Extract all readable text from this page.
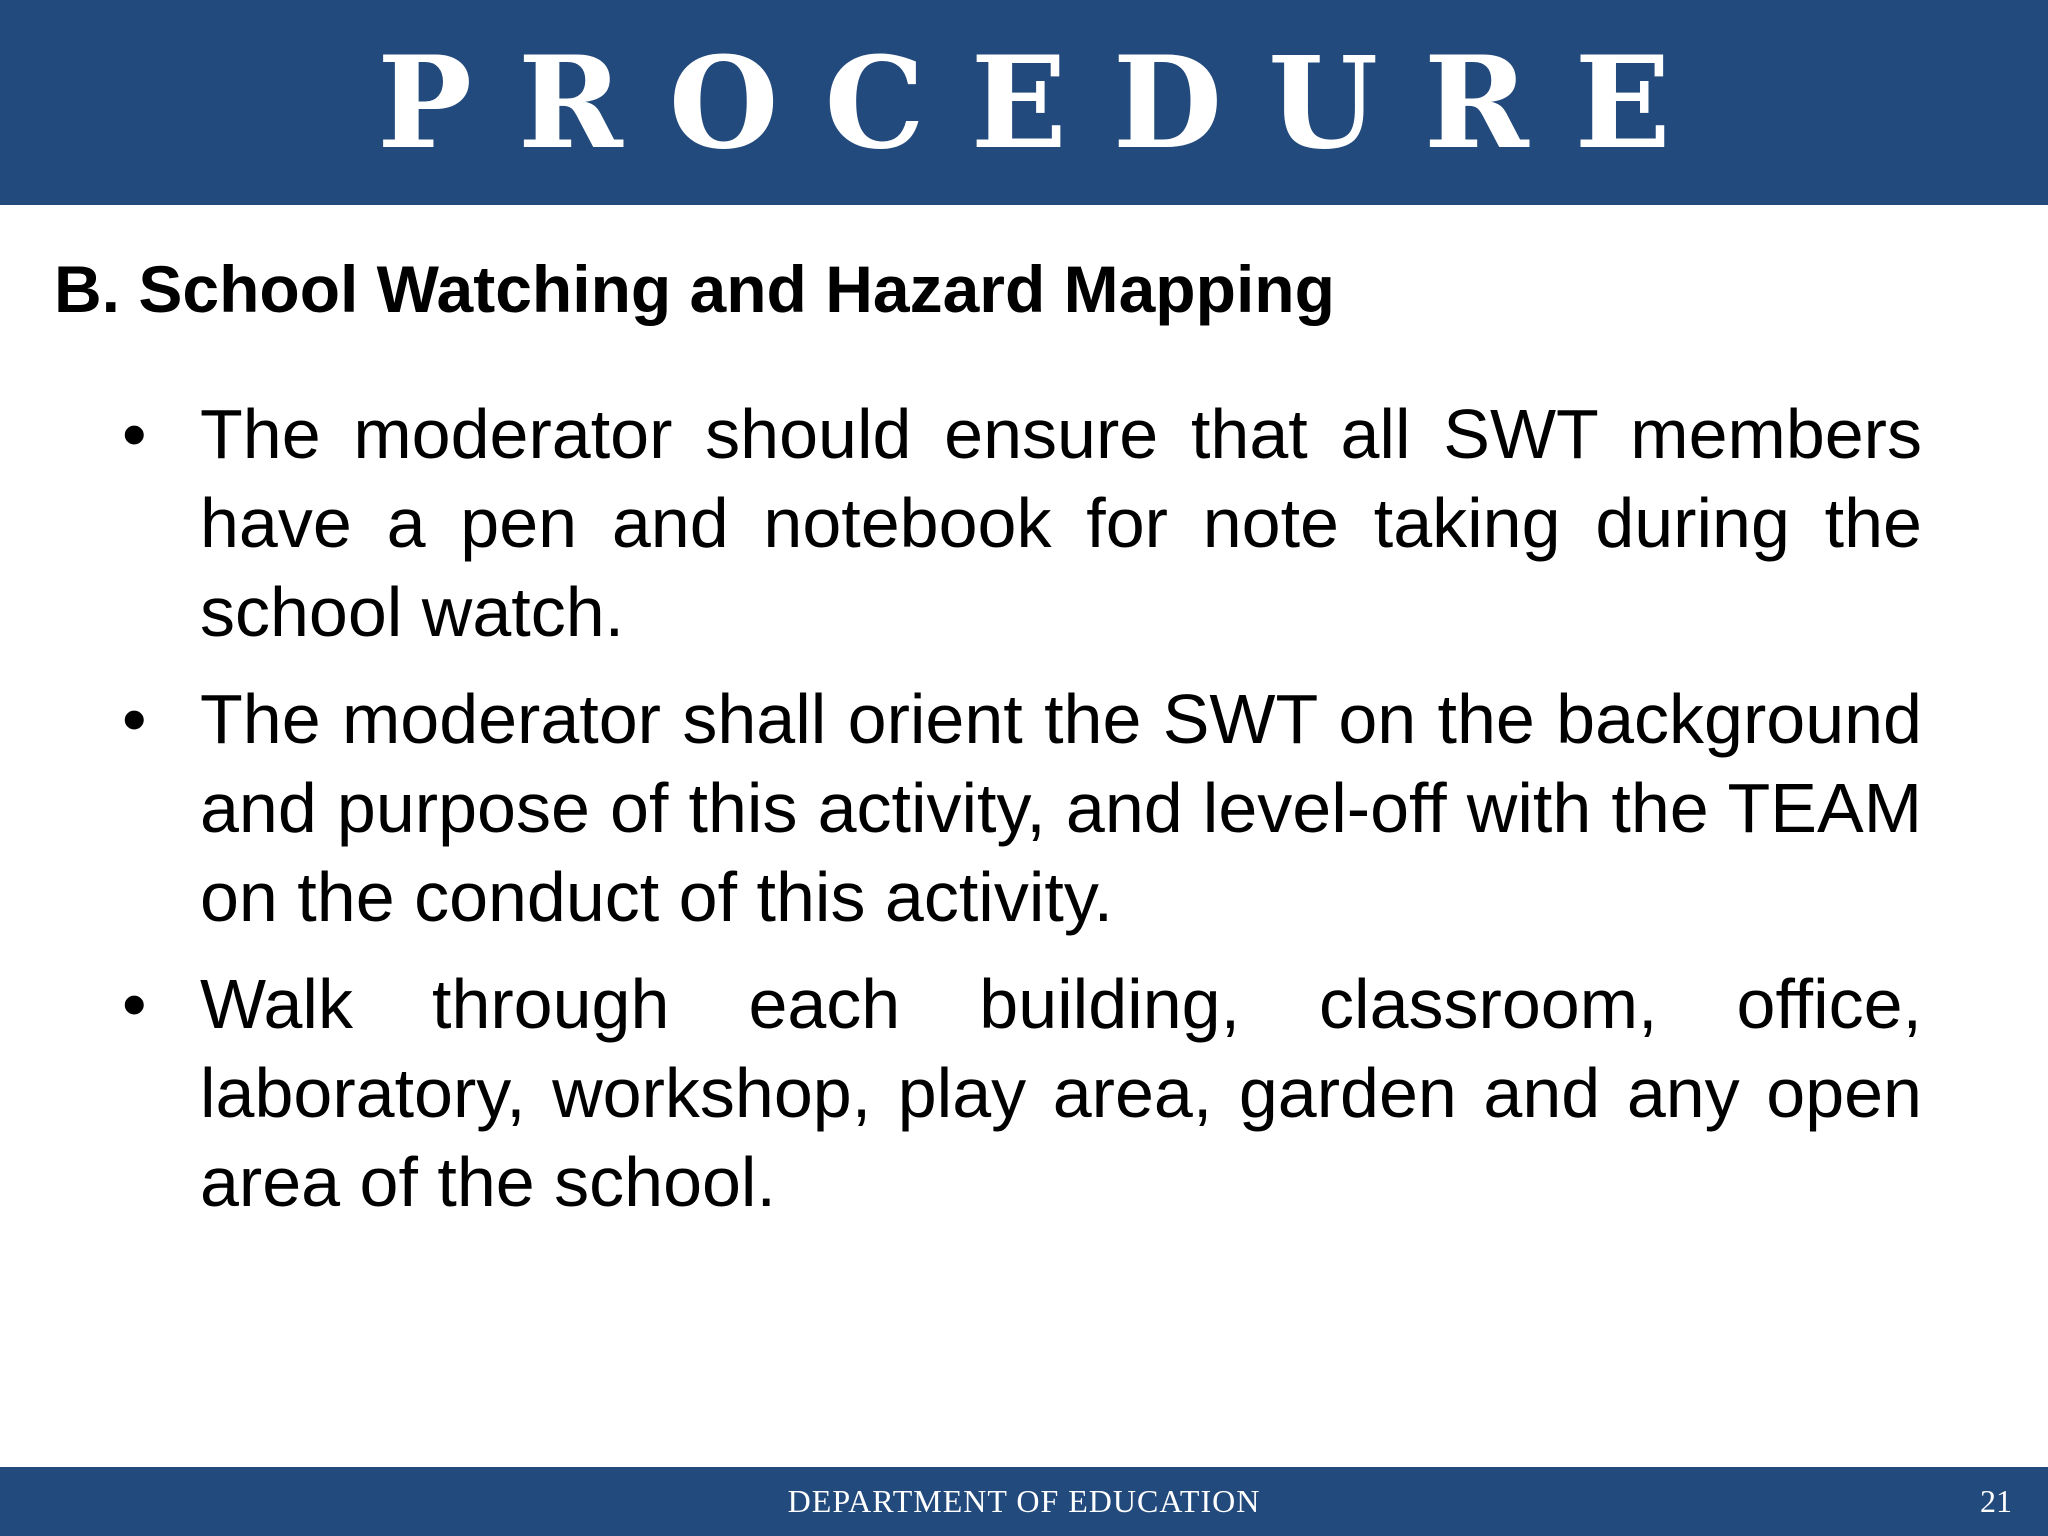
PROCEDURE
B. School Watching and Hazard Mapping
• The moderator should ensure that all SWT members have a pen and notebook for note taking during the school watch.
• The moderator shall orient the SWT on the background and purpose of this activity, and level-off with the TEAM on the conduct of this activity.
• Walk through each building, classroom, office, laboratory, workshop, play area, garden and any open area of the school.
DEPARTMENT OF EDUCATION	21
